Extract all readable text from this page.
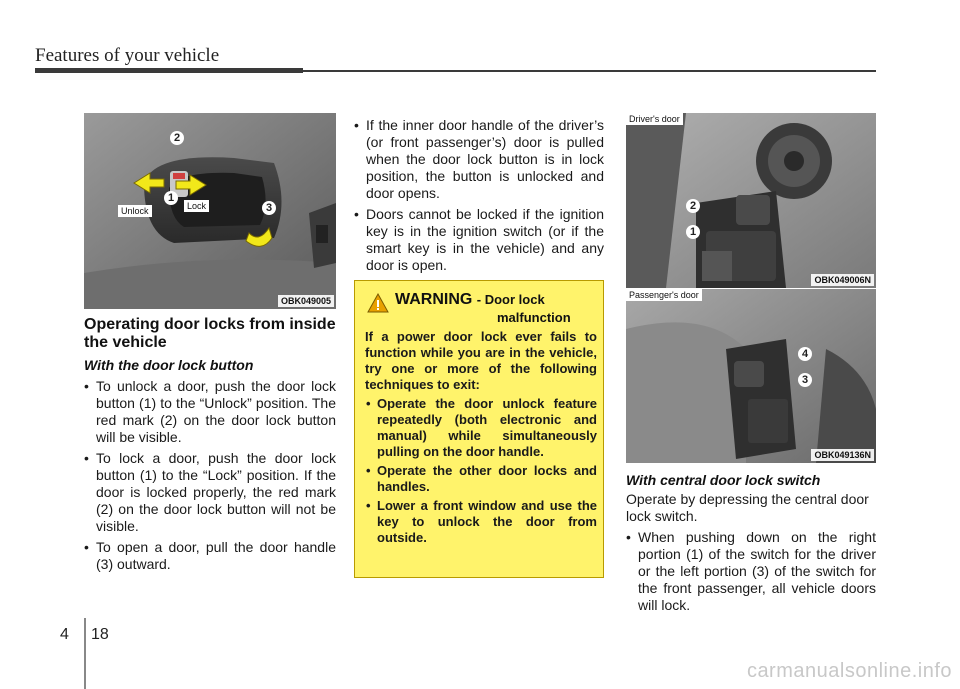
Features of your vehicle
2
1
3
Unlock	Lock
OBK049005
Driver's door
2
1
OBK049006N
Passenger's door
4
3
OBK049136N
Operating door locks from inside the vehicle
With the door lock button
• To unlock a door, push the door lock button (1) to the “Unlock” position. The red mark (2) on the door lock button will be visible.
• To lock a door, push the door lock button (1) to the “Lock” position. If the door is locked properly, the red mark (2) on the door lock button will not be visible.
• To open a door, pull the door handle (3) outward.
• If the inner door handle of the driver’s (or front passenger’s) door is pulled when the door lock button is in lock position, the button is unlocked and door opens.
• Doors cannot be locked if the ignition key is in the ignition switch (or if the smart key is in the vehicle) and any door is open.
WARNING - Door lock
malfunction
If a power door lock ever fails to function while you are in the vehicle, try one or more of the following techniques to exit:
• Operate the door unlock feature repeatedly (both electronic and manual) while simultaneously pulling on the door handle.
• Operate the other door locks and handles.
• Lower a front window and use the key to unlock the door from outside.
With central door lock switch
Operate by depressing the central door lock switch.
• When pushing down on the right portion (1) of the switch for the driver or the left portion (3) of the switch for the front passenger, all vehicle doors will lock.
4 18
carmanualsonline.info
